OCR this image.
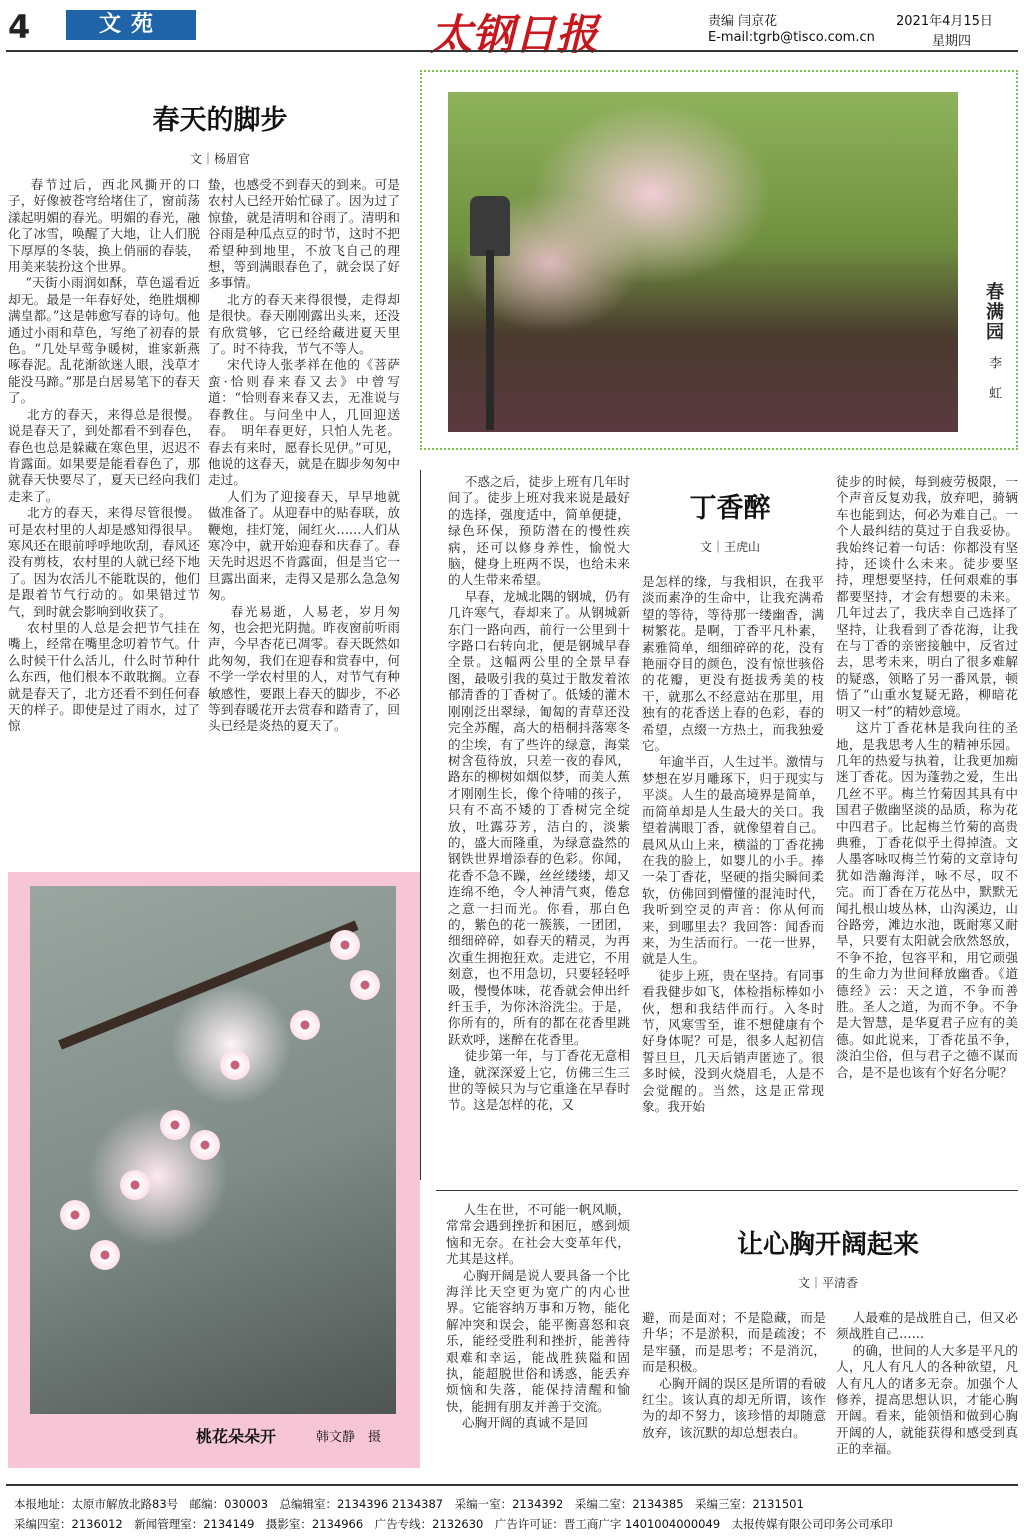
4	文苑	太钢日报	责编 闫京花
E-mail:tgrb@tisco.com.cn
2021年4月15日
星期四
春天的脚步
文｜杨眉官
春节过后，西北风撕开的口子，好像被苍穹给堵住了，窗前荡漾起明媚的春光。明媚的春光，融化了冰雪，唤醒了大地，让人们脱下厚厚的冬装，换上俏丽的春装，用美来装扮这个世界。
“天街小雨润如酥，草色遥看近却无。最是一年春好处，绝胜烟柳满皇都。”这是韩愈写春的诗句。他通过小雨和草色，写绝了初春的景色。“几处早莺争暖树，谁家新燕啄春泥。乱花渐欲迷人眼，浅草才能没马蹄。”那是白居易笔下的春天了。
北方的春天，来得总是很慢。说是春天了，到处都看不到春色，春色也总是躲藏在寒色里，迟迟不肯露面。如果要是能看春色了，那就春天快要尽了，夏天已经向我们走来了。
北方的春天，来得尽管很慢。可是农村里的人却是感知得很早。寒风还在眼前呼呼地吹刮，春风还没有剪枝，农村里的人就已经下地了。因为农活儿不能耽误的，他们是跟着节气行动的。如果错过节气，到时就会影响到收获了。
农村里的人总是会把节气挂在嘴上，经常在嘴里念叨着节气。什么时候干什么活儿，什么时节种什么东西，他们根本不敢耽搁。立春就是春天了，北方还看不到任何春天的样子。即使是过了雨水，过了惊
蛰，也感受不到春天的到来。可是农村人已经开始忙碌了。因为过了惊蛰，就是清明和谷雨了。清明和谷雨是种瓜点豆的时节，这时不把希望种到地里，不放飞自己的理想，等到满眼春色了，就会误了好多事情。
北方的春天来得很慢，走得却是很快。春天刚刚露出头来，还没有欣赏够，它已经给藏进夏天里了。时不待我，节气不等人。
宋代诗人张孝祥在他的《菩萨蛮·恰则春来春又去》中曾写道：“恰则春来春又去，无准说与春教住。与问坐中人，几回迎送春。　明年春更好，只怕人先老。春去有来时，愿春长见伊。”可见，他说的这春天，就是在脚步匆匆中走过。
人们为了迎接春天，早早地就做准备了。从迎春中的贴春联，放鞭炮，挂灯笼，闹红火……人们从寒冷中，就开始迎春和庆春了。春天先时迟迟不肯露面，但是当它一旦露出面来，走得又是那么急急匆匆。
春光易逝，人易老，岁月匆匆，也会把光阴抛。昨夜窗前听雨声，今早杏花已凋零。春天既然如此匆匆，我们在迎春和赏春中，何不学一学农村里的人，对节气有种敏感性，要跟上春天的脚步，不必等到春暖花开去赏春和踏青了，回头已经是炎热的夏天了。
春满园
李　虹
不惑之后，徒步上班有几年时间了。徒步上班对我来说是最好的选择，强度适中，简单便捷，绿色环保，预防潜在的慢性疾病，还可以修身养性，愉悦大脑，健身上班两不误，也给未来的人生带来希望。
早春，龙城北隅的钢城，仍有几许寒气，春却来了。从钢城新东门一路向西，前行一公里到十字路口右转向北，便是钢城早春全景。这幅两公里的全景早春图，最吸引我的莫过于散发着浓郁清香的丁香树了。低矮的灌木刚刚泛出翠绿，匍匐的青草还没完全苏醒，高大的梧桐抖落寒冬的尘埃，有了些许的绿意，海棠树含苞待放，只差一夜的春风，路东的柳树如烟似梦，而美人蕉才刚刚生长，像个待哺的孩子，只有不高不矮的丁香树完全绽放，吐露芬芳，洁白的，淡紫的，盛大而隆重，为绿意盎然的钢铁世界增添春的色彩。你闻，花香不急不躁，丝丝缕缕，却又连绵不绝，令人神清气爽，倦怠之意一扫而光。你看，那白色的，紫色的花一簇簇，一团团，细细碎碎，如春天的精灵，为再次重生拥抱狂欢。走进它，不用刻意，也不用急切，只要轻轻呼吸，慢慢体味，花香就会伸出纤纤玉手，为你沐浴洗尘。于是，你所有的，所有的都在花香里跳跃欢呼，迷醉在花香里。
徒步第一年，与丁香花无意相逢，就深深爱上它，仿佛三生三世的等候只为与它重逢在早春时节。这是怎样的花，又
丁香醉
文｜王虎山
是怎样的缘，与我相识，在我平淡而素净的生命中，让我充满希望的等待，等待那一缕幽香，满树繁花。是啊，丁香平凡朴素，素雅简单，细细碎碎的花，没有艳丽夺目的颜色，没有惊世骇俗的花瓣，更没有挺拔秀美的枝干，就那么不经意站在那里，用独有的花香送上春的色彩，春的希望，点缀一方热土，而我独爱它。
年逾半百，人生过半。激情与梦想在岁月雕琢下，归于现实与平淡。人生的最高境界是简单，而简单却是人生最大的关口。我望着满眼丁香，就像望着自己。晨风从山上来，横溢的丁香花拂在我的脸上，如婴儿的小手。捧一朵丁香花，坚硬的指尖瞬间柔软，仿佛回到懵懂的混沌时代，我听到空灵的声音：你从何而来，到哪里去？我回答：闻香而来，为生活而行。一花一世界，就是人生。
徒步上班，贵在坚持。有同事看我健步如飞，体检指标棒如小伙，想和我结伴而行。入冬时节，风寒雪至，谁不想健康有个好身体呢？可是，很多人起初信誓旦旦，几天后销声匿迹了。很多时候，没到火烧眉毛，人是不会觉醒的。当然，这是正常现象。我开始
徒步的时候，每到疲劳极限，一个声音反复劝我，放弃吧，骑辆车也能到达，何必为难自己。一个人最纠结的莫过于自我妥协。我始终记着一句话：你都没有坚持，还谈什么未来。徒步要坚持，理想要坚持，任何艰难的事都要坚持，才会有想要的未来。几年过去了，我庆幸自己选择了坚持，让我看到了香花海，让我在与丁香的亲密接触中，反省过去，思考未来，明白了很多难解的疑惑，领略了另一番风景，顿悟了“山重水复疑无路，柳暗花明又一村”的精妙意境。
这片丁香花林是我向往的圣地，是我思考人生的精神乐园。几年的热爱与执着，让我更加痴迷丁香花。因为蓬勃之爱，生出几丝不平。梅兰竹菊因其具有中国君子傲幽坚淡的品质，称为花中四君子。比起梅兰竹菊的高贵典雅，丁香花似乎土得掉渣。文人墨客咏叹梅兰竹菊的文章诗句犹如浩瀚海洋，咏不尽，叹不完。而丁香在万花丛中，默默无闻扎根山坡丛林，山沟溪边，山谷路旁，滩边水池，既耐寒又耐旱，只要有太阳就会欣然怒放，不争不抢，包容平和，用它顽强的生命力为世间释放幽香。《道德经》云：天之道，不争而善胜。圣人之道，为而不争。不争是大智慧，是华夏君子应有的美德。如此说来，丁香花虽不争，淡泊尘俗，但与君子之德不谋而合，是不是也该有个好名分呢？
桃花朵朵开	韩文静　摄
人生在世，不可能一帆风顺，常常会遇到挫折和困厄，感到烦恼和无奈。在社会大变革年代，尤其是这样。
心胸开阔是说人要具备一个比海洋比天空更为宽广的内心世界。它能容纳万事和万物，能化解冲突和误会，能平衡喜怒和哀乐，能经受胜利和挫折，能善待艰难和幸运，能战胜狭隘和固执，能超脱世俗和诱惑，能丢弃烦恼和失落，能保持清醒和愉快，能拥有朋友并善于交流。
心胸开阔的真诚不是回
让心胸开阔起来
文｜平清香
避，而是面对；不是隐藏，而是升华；不是淤积，而是疏浚；不是牢骚，而是思考；不是消沉，而是积极。
心胸开阔的误区是所谓的看破红尘。该认真的却无所谓，该作为的却不努力，该珍惜的却随意放弃，该沉默的却总想表白。
人最难的是战胜自己，但又必须战胜自己……
的确，世间的人大多是平凡的人，凡人有凡人的各种欲望，凡人有凡人的诸多无奈。加强个人修养，提高思想认识，才能心胸开阔。看来，能领悟和做到心胸开阔的人，就能获得和感受到真正的幸福。
本报地址：太原市解放北路83号　邮编：030003　总编辑室：2134396 2134387　采编一室：2134392　采编二室：2134385　采编三室：2131501
采编四室：2136012　新闻管理室：2134149　摄影室：2134966　广告专线：2132630　广告许可证：晋工商广字 1401004000049　太报传媒有限公司印务公司承印
